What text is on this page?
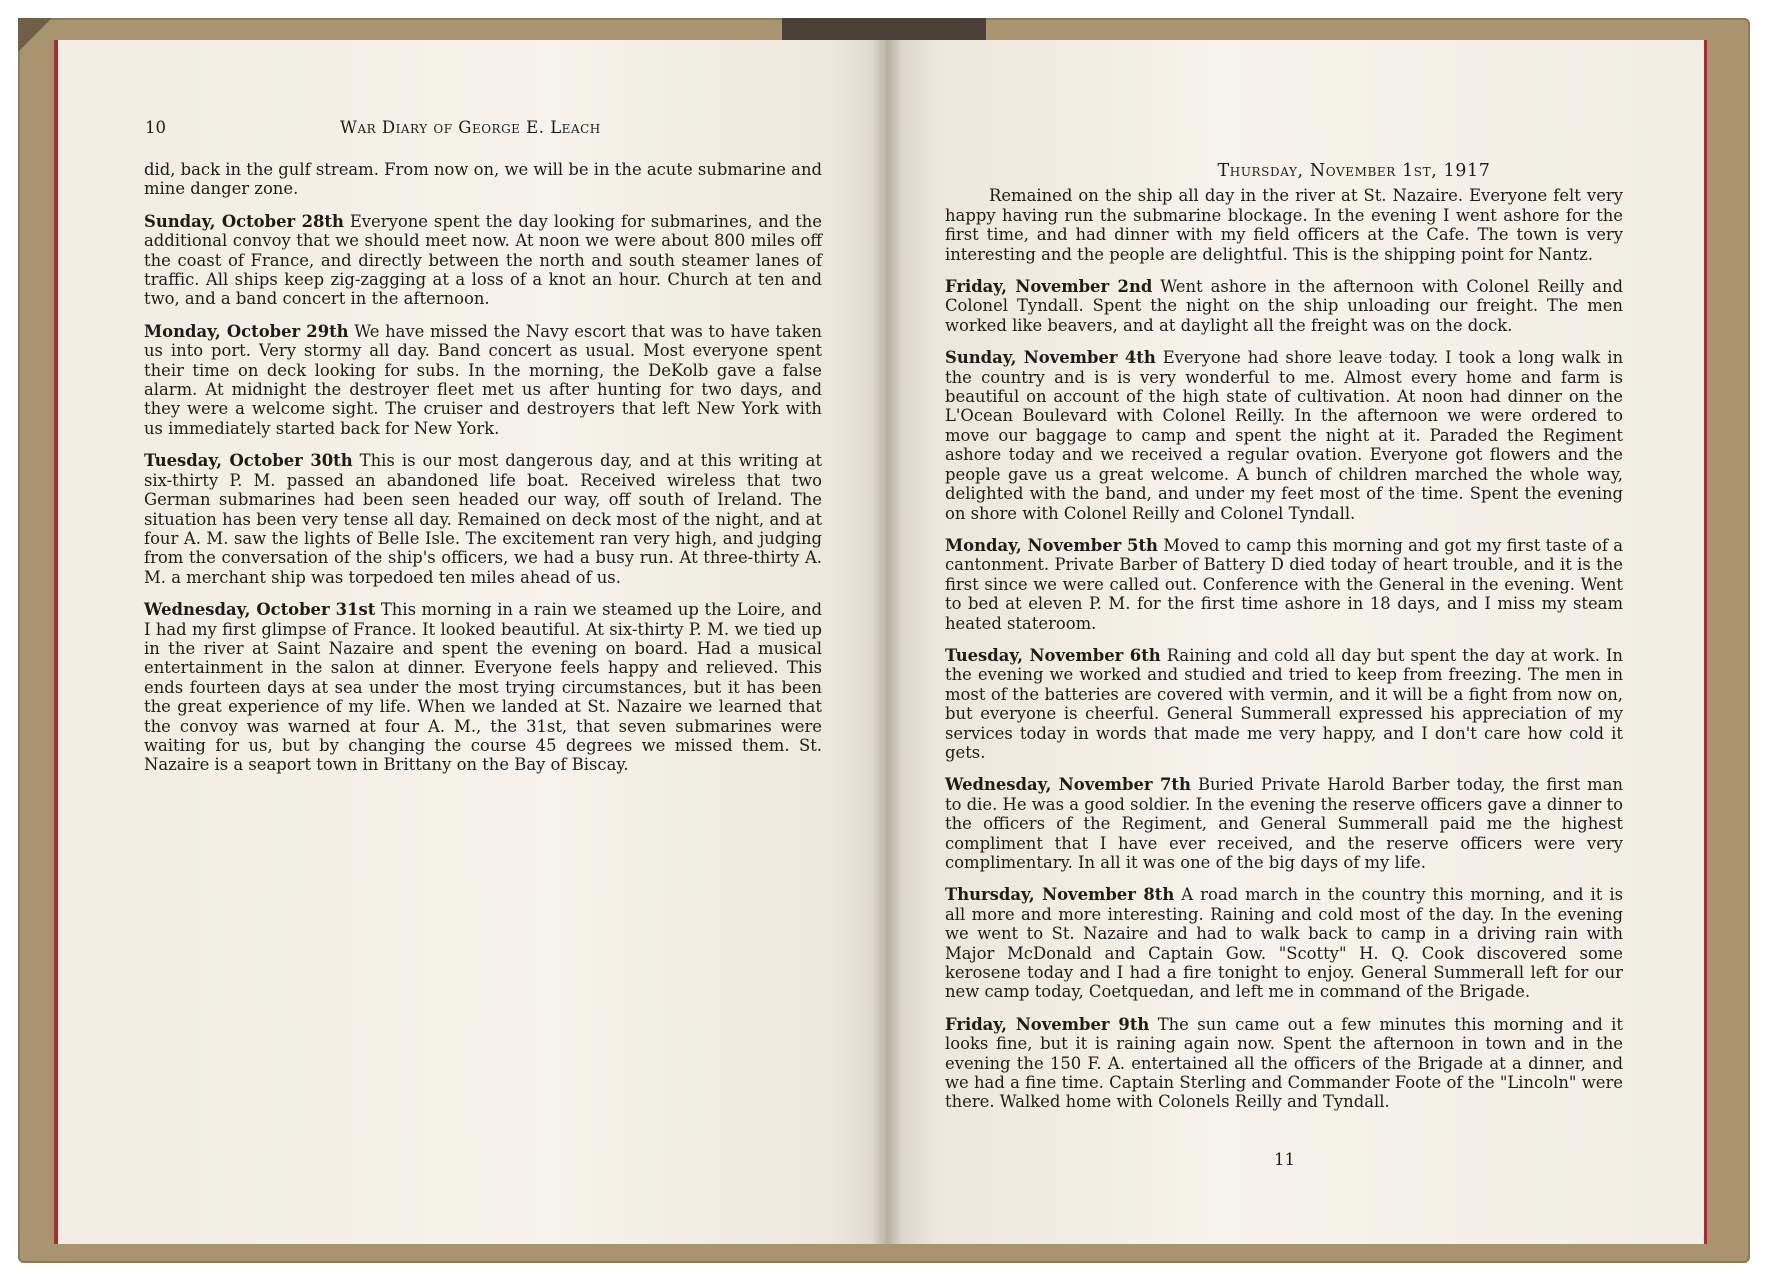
10	War Diary of George E. Leach

did, back in the gulf stream. From now on, we will be in the acute submarine and mine danger zone.

Sunday, October 28th Everyone spent the day looking for submarines, and the additional convoy that we should meet now. At noon we were about 800 miles off the coast of France, and directly between the north and south steamer lanes of traffic. All ships keep zig-zagging at a loss of a knot an hour. Church at ten and two, and a band concert in the afternoon.

Monday, October 29th We have missed the Navy escort that was to have taken us into port. Very stormy all day. Band concert as usual. Most everyone spent their time on deck looking for subs. In the morning, the DeKolb gave a false alarm. At midnight the destroyer fleet met us after hunting for two days, and they were a welcome sight. The cruiser and destroyers that left New York with us immediately started back for New York.

Tuesday, October 30th This is our most dangerous day, and at this writing at six-thirty P. M. passed an abandoned life boat. Received wireless that two German submarines had been seen headed our way, off south of Ireland. The situation has been very tense all day. Remained on deck most of the night, and at four A. M. saw the lights of Belle Isle. The excitement ran very high, and judging from the conversation of the ship's officers, we had a busy run. At three-thirty A. M. a merchant ship was torpedoed ten miles ahead of us.

Wednesday, October 31st This morning in a rain we steamed up the Loire, and I had my first glimpse of France. It looked beautiful. At six-thirty P. M. we tied up in the river at Saint Nazaire and spent the evening on board. Had a musical entertainment in the salon at dinner. Everyone feels happy and relieved. This ends fourteen days at sea under the most trying circumstances, but it has been the great experience of my life. When we landed at St. Nazaire we learned that the convoy was warned at four A. M., the 31st, that seven submarines were waiting for us, but by changing the course 45 degrees we missed them. St. Nazaire is a seaport town in Brittany on the Bay of Biscay.

Thursday, November 1st, 1917

Remained on the ship all day in the river at St. Nazaire. Everyone felt very happy having run the submarine blockage. In the evening I went ashore for the first time, and had dinner with my field officers at the Cafe. The town is very interesting and the people are delightful. This is the shipping point for Nantz.

Friday, November 2nd Went ashore in the afternoon with Colonel Reilly and Colonel Tyndall. Spent the night on the ship unloading our freight. The men worked like beavers, and at daylight all the freight was on the dock.

Sunday, November 4th Everyone had shore leave today. I took a long walk in the country and is is very wonderful to me. Almost every home and farm is beautiful on account of the high state of cultivation. At noon had dinner on the L'Ocean Boulevard with Colonel Reilly. In the afternoon we were ordered to move our baggage to camp and spent the night at it. Paraded the Regiment ashore today and we received a regular ovation. Everyone got flowers and the people gave us a great welcome. A bunch of children marched the whole way, delighted with the band, and under my feet most of the time. Spent the evening on shore with Colonel Reilly and Colonel Tyndall.

Monday, November 5th Moved to camp this morning and got my first taste of a cantonment. Private Barber of Battery D died today of heart trouble, and it is the first since we were called out. Conference with the General in the evening. Went to bed at eleven P. M. for the first time ashore in 18 days, and I miss my steam heated stateroom.

Tuesday, November 6th Raining and cold all day but spent the day at work. In the evening we worked and studied and tried to keep from freezing. The men in most of the batteries are covered with vermin, and it will be a fight from now on, but everyone is cheerful. General Summerall expressed his appreciation of my services today in words that made me very happy, and I don't care how cold it gets.

Wednesday, November 7th Buried Private Harold Barber today, the first man to die. He was a good soldier. In the evening the reserve officers gave a dinner to the officers of the Regiment, and General Summerall paid me the highest compliment that I have ever received, and the reserve officers were very complimentary. In all it was one of the big days of my life.

Thursday, November 8th A road march in the country this morning, and it is all more and more interesting. Raining and cold most of the day. In the evening we went to St. Nazaire and had to walk back to camp in a driving rain with Major McDonald and Captain Gow. "Scotty" H. Q. Cook discovered some kerosene today and I had a fire tonight to enjoy. General Summerall left for our new camp today, Coetquedan, and left me in command of the Brigade.

Friday, November 9th The sun came out a few minutes this morning and it looks fine, but it is raining again now. Spent the afternoon in town and in the evening the 150 F. A. entertained all the officers of the Brigade at a dinner, and we had a fine time. Captain Sterling and Commander Foote of the "Lincoln" were there. Walked home with Colonels Reilly and Tyndall.

11
